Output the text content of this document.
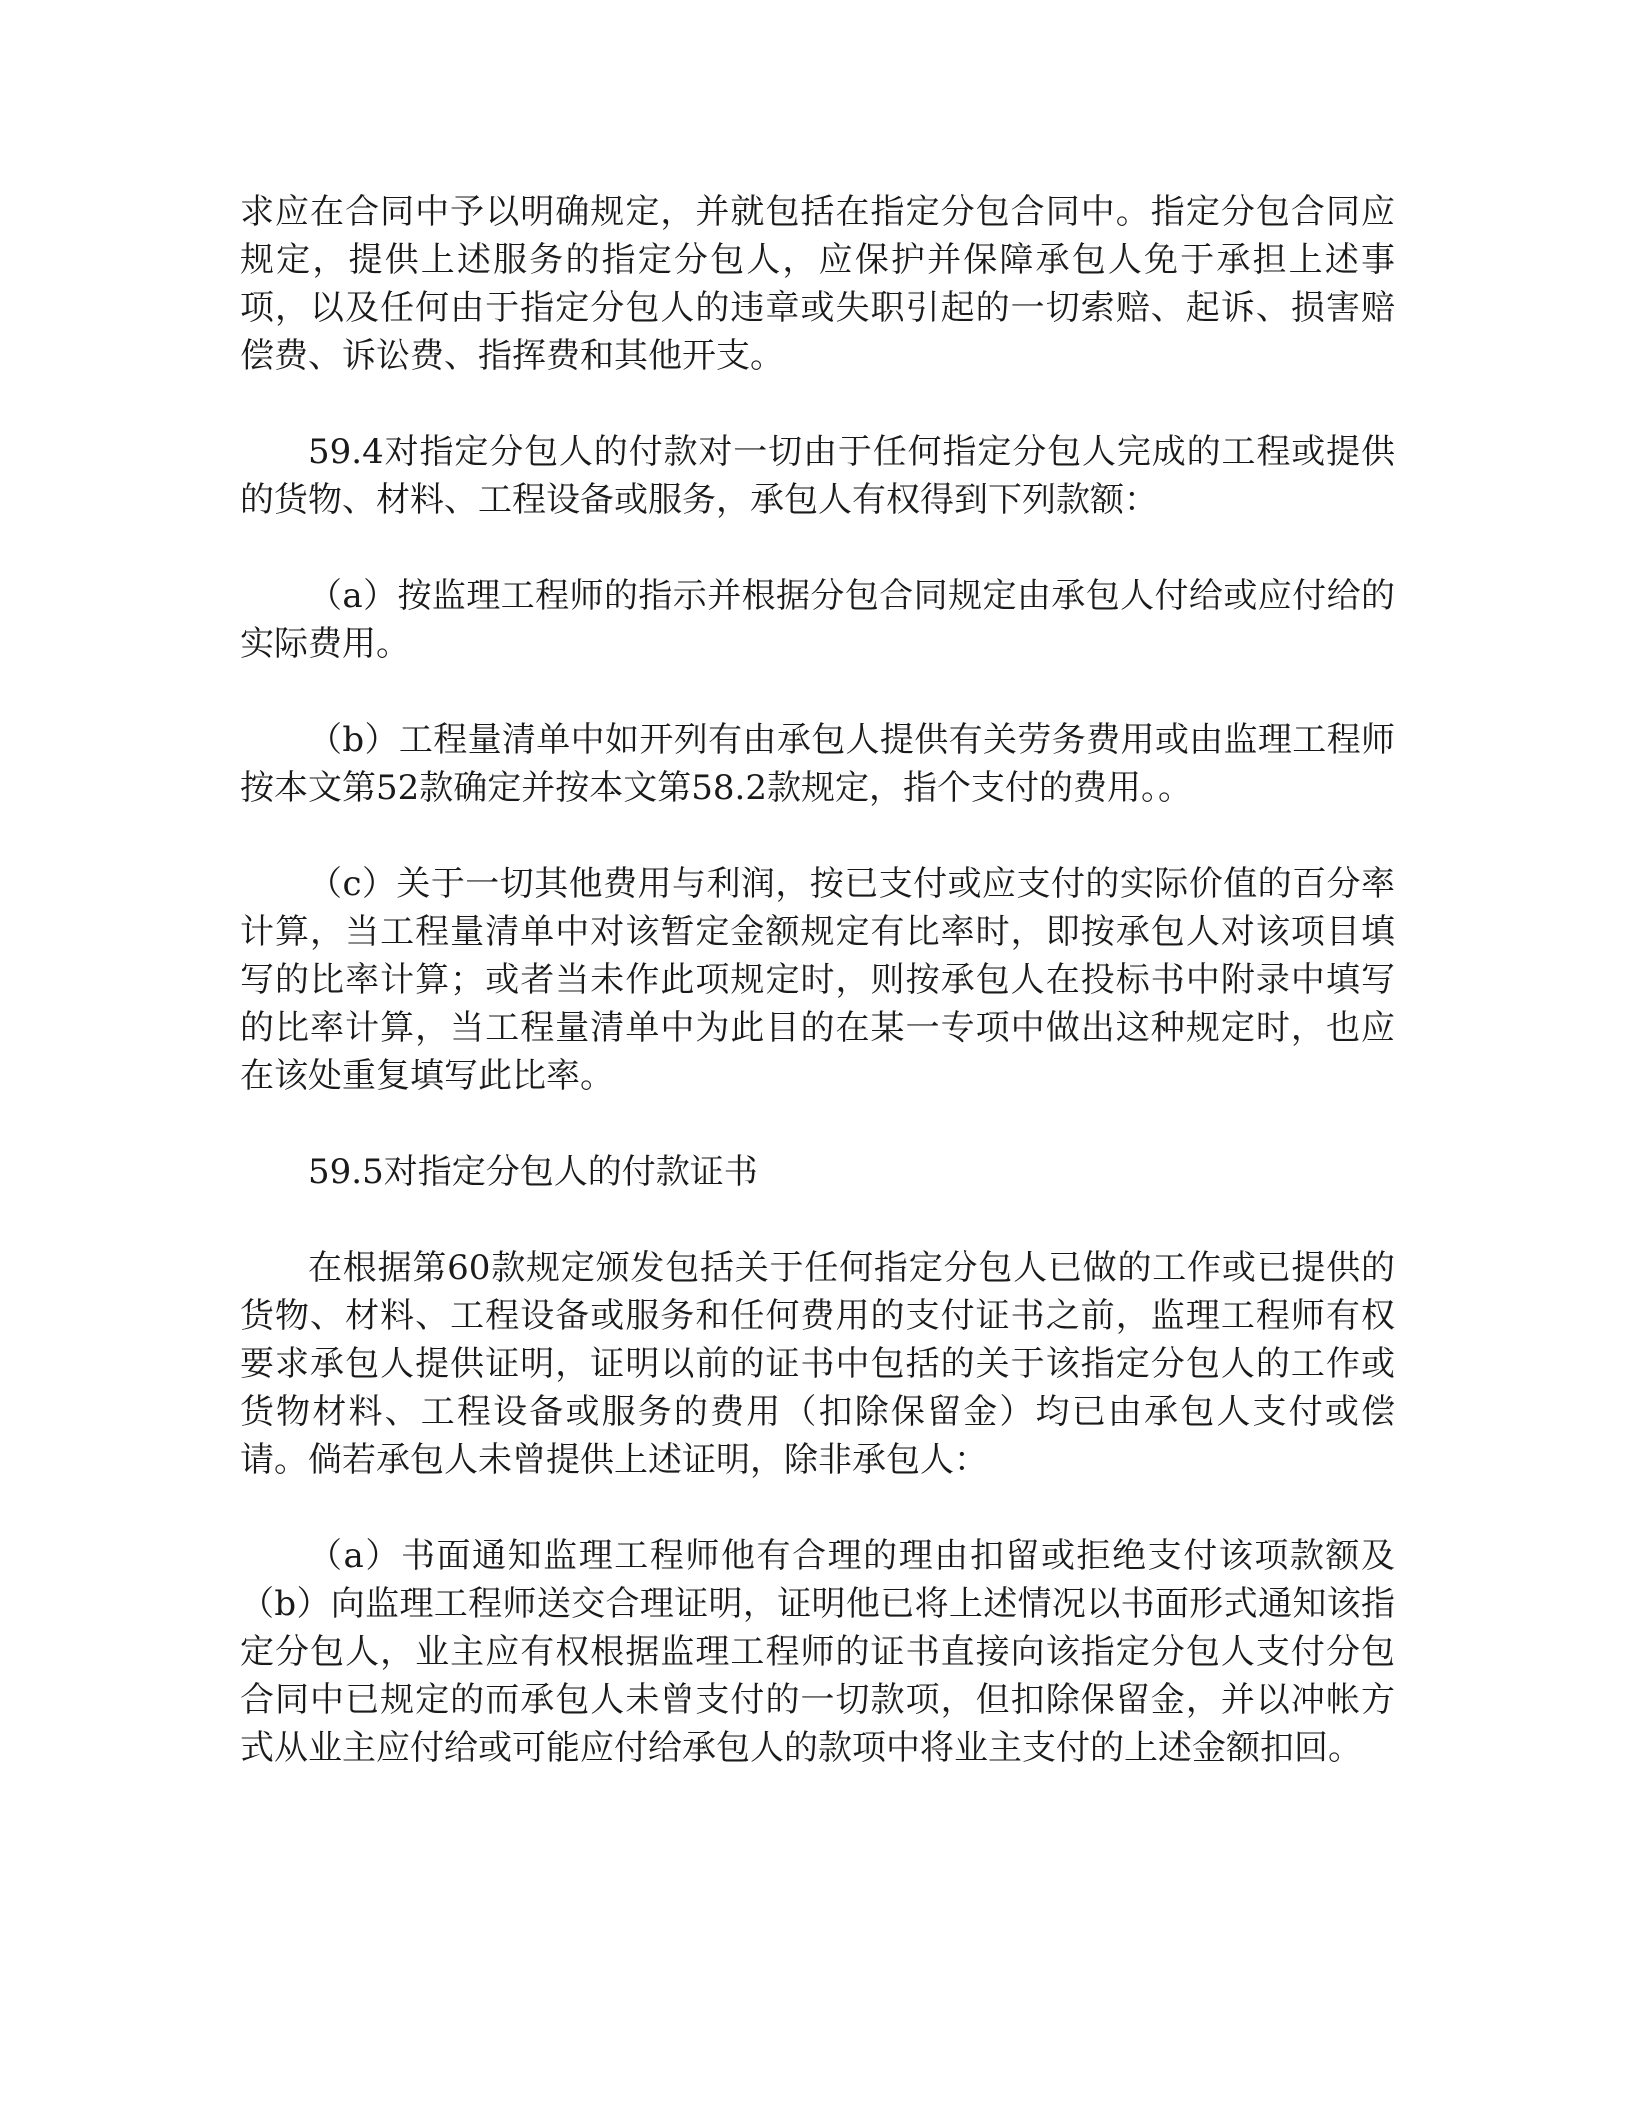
求应在合同中予以明确规定，并就包括在指定分包合同中。指定分包合同应规定，提供上述服务的指定分包人，应保护并保障承包人免于承担上述事项，以及任何由于指定分包人的违章或失职引起的一切索赔、起诉、损害赔偿费、诉讼费、指挥费和其他开支。

59.4对指定分包人的付款对一切由于任何指定分包人完成的工程或提供的货物、材料、工程设备或服务，承包人有权得到下列款额：

（a）按监理工程师的指示并根据分包合同规定由承包人付给或应付给的实际费用。

（b）工程量清单中如开列有由承包人提供有关劳务费用或由监理工程师按本文第52款确定并按本文第58.2款规定，指个支付的费用。。

（c）关于一切其他费用与利润，按已支付或应支付的实际价值的百分率计算，当工程量清单中对该暂定金额规定有比率时，即按承包人对该项目填写的比率计算；或者当未作此项规定时，则按承包人在投标书中附录中填写的比率计算，当工程量清单中为此目的在某一专项中做出这种规定时，也应在该处重复填写此比率。

59.5对指定分包人的付款证书

在根据第60款规定颁发包括关于任何指定分包人已做的工作或已提供的货物、材料、工程设备或服务和任何费用的支付证书之前，监理工程师有权要求承包人提供证明，证明以前的证书中包括的关于该指定分包人的工作或货物材料、工程设备或服务的费用（扣除保留金）均已由承包人支付或偿请。倘若承包人未曾提供上述证明，除非承包人：

（a）书面通知监理工程师他有合理的理由扣留或拒绝支付该项款额及（b）向监理工程师送交合理证明，证明他已将上述情况以书面形式通知该指定分包人，业主应有权根据监理工程师的证书直接向该指定分包人支付分包合同中已规定的而承包人未曾支付的一切款项，但扣除保留金，并以冲帐方式从业主应付给或可能应付给承包人的款项中将业主支付的上述金额扣回。
